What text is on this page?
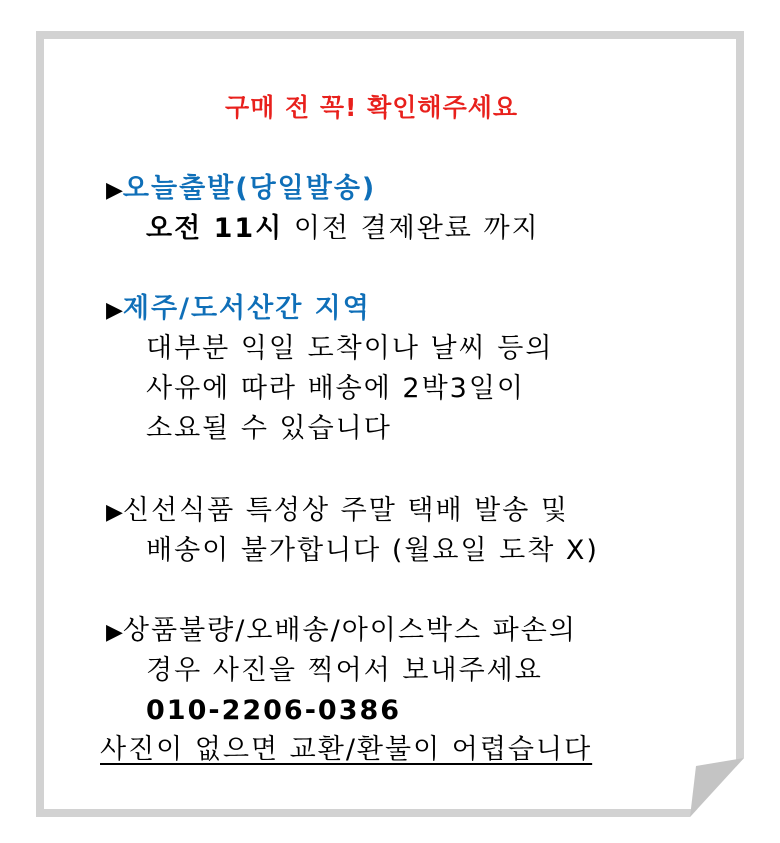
구매 전 꼭! 확인해주세요
▶오늘출발(당일발송)
오전 11시 이전 결제완료 까지
▶제주/도서산간 지역
대부분 익일 도착이나 날씨 등의
사유에 따라 배송에 2박3일이
소요될 수 있습니다
▶신선식품 특성상 주말 택배 발송 및
배송이 불가합니다 (월요일 도착 X)
▶상품불량/오배송/아이스박스 파손의
경우 사진을 찍어서 보내주세요
010-2206-0386
사진이 없으면 교환/환불이 어렵습니다
